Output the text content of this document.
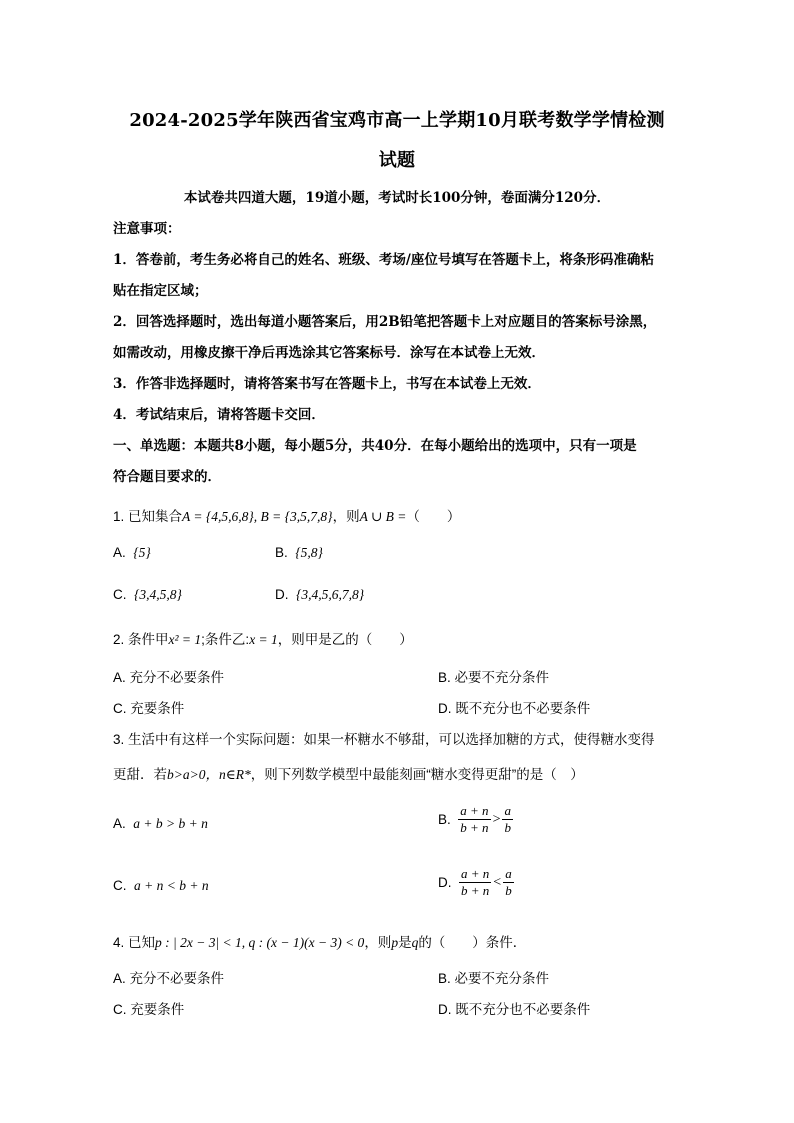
2024-2025学年陕西省宝鸡市高一上学期10月联考数学学情检测
试题
本试卷共四道大题，19道小题，考试时长100分钟，卷面满分120分．
注意事项：
1．答卷前，考生务必将自己的姓名、班级、考场/座位号填写在答题卡上，将条形码准确粘
贴在指定区域；
2．回答选择题时，选出每道小题答案后，用2B铅笔把答题卡上对应题目的答案标号涂黑，
如需改动，用橡皮擦干净后再选涂其它答案标号．涂写在本试卷上无效．
3．作答非选择题时，请将答案书写在答题卡上，书写在本试卷上无效．
4．考试结束后，请将答题卡交回．
一、单选题：本题共8小题，每小题5分，共40分．在每小题给出的选项中，只有一项是
符合题目要求的．
1. 已知集合A = {4,5,6,8}, B = {3,5,7,8}，则A ∪ B =（　　）
A. {5}	B. {5,8}
C. {3,4,5,8}	D. {3,4,5,6,7,8}
2. 条件甲x² = 1;条件乙:x = 1，则甲是乙的（　　）
A. 充分不必要条件	B. 必要不充分条件
C. 充要条件	D. 既不充分也不必要条件
3. 生活中有这样一个实际问题：如果一杯糖水不够甜，可以选择加糖的方式，使得糖水变得
更甜．若b>a>0，n∈R*，则下列数学模型中最能刻画“糖水变得更甜”的是（　）
A. a + b > b + n	B. $\frac{a + n}{b + n} > \frac{a}{b}$
C. a + n < b + n	D. $\frac{a + n}{b + n} < \frac{a}{b}$
4. 已知p : | 2x − 3| < 1, q : (x − 1)(x − 3) < 0，则p是q的（　　）条件．
A. 充分不必要条件	B. 必要不充分条件
C. 充要条件	D. 既不充分也不必要条件
